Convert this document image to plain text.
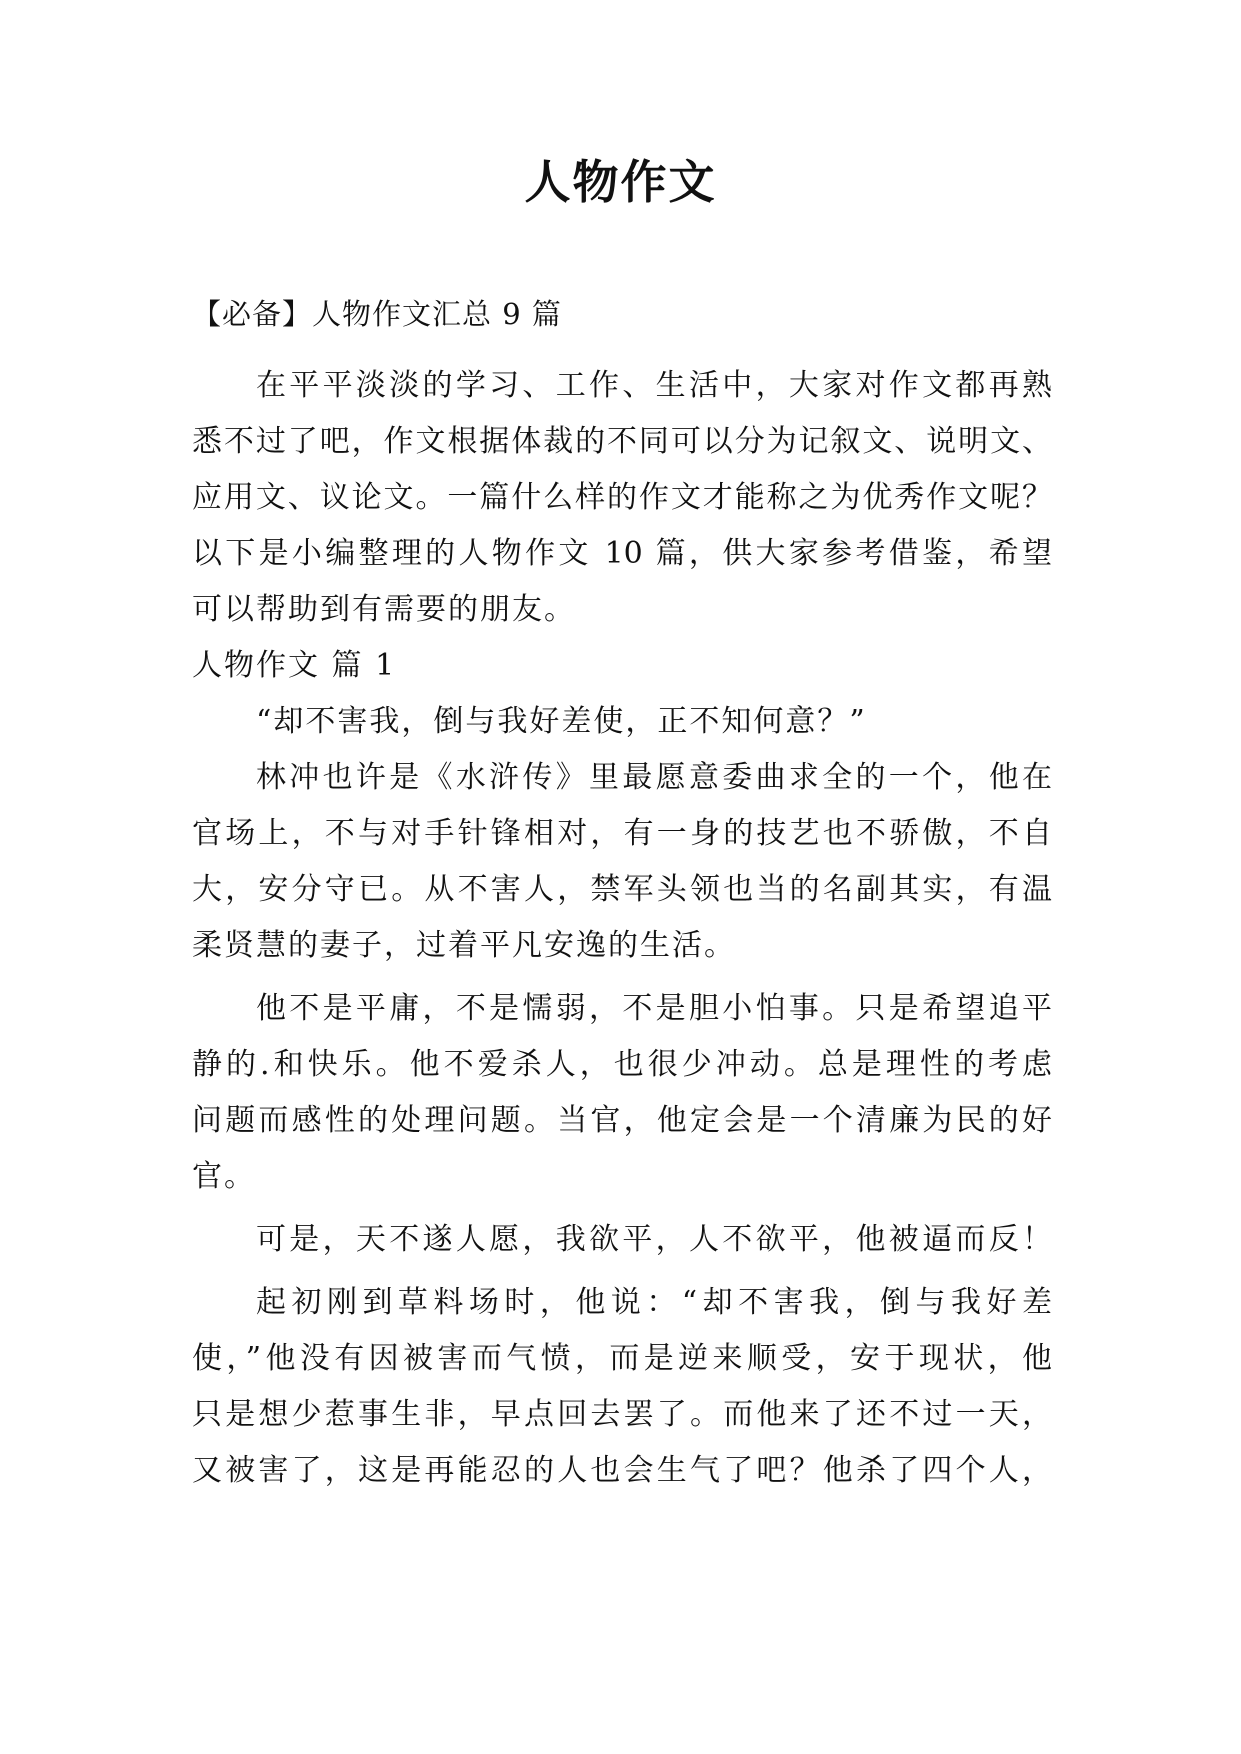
人物作文
【必备】人物作文汇总 9 篇
在平平淡淡的学习、工作、生活中，大家对作文都再熟
悉不过了吧，作文根据体裁的不同可以分为记叙文、说明文、
应用文、议论文。一篇什么样的作文才能称之为优秀作文呢？
以下是小编整理的人物作文 10 篇，供大家参考借鉴，希望
可以帮助到有需要的朋友。
人物作文 篇 1
“却不害我，倒与我好差使，正不知何意？”
林冲也许是《水浒传》里最愿意委曲求全的一个，他在
官场上，不与对手针锋相对，有一身的技艺也不骄傲，不自
大，安分守已。从不害人，禁军头领也当的名副其实，有温
柔贤慧的妻子，过着平凡安逸的生活。
他不是平庸，不是懦弱，不是胆小怕事。只是希望追平
静的.和快乐。他不爱杀人，也很少冲动。总是理性的考虑
问题而感性的处理问题。当官，他定会是一个清廉为民的好
官。
可是，天不遂人愿，我欲平，人不欲平，他被逼而反！
起初刚到草料场时，他说：“却不害我，倒与我好差
使，”他没有因被害而气愤，而是逆来顺受，安于现状，他
只是想少惹事生非，早点回去罢了。而他来了还不过一天，
又被害了，这是再能忍的人也会生气了吧？他杀了四个人，
